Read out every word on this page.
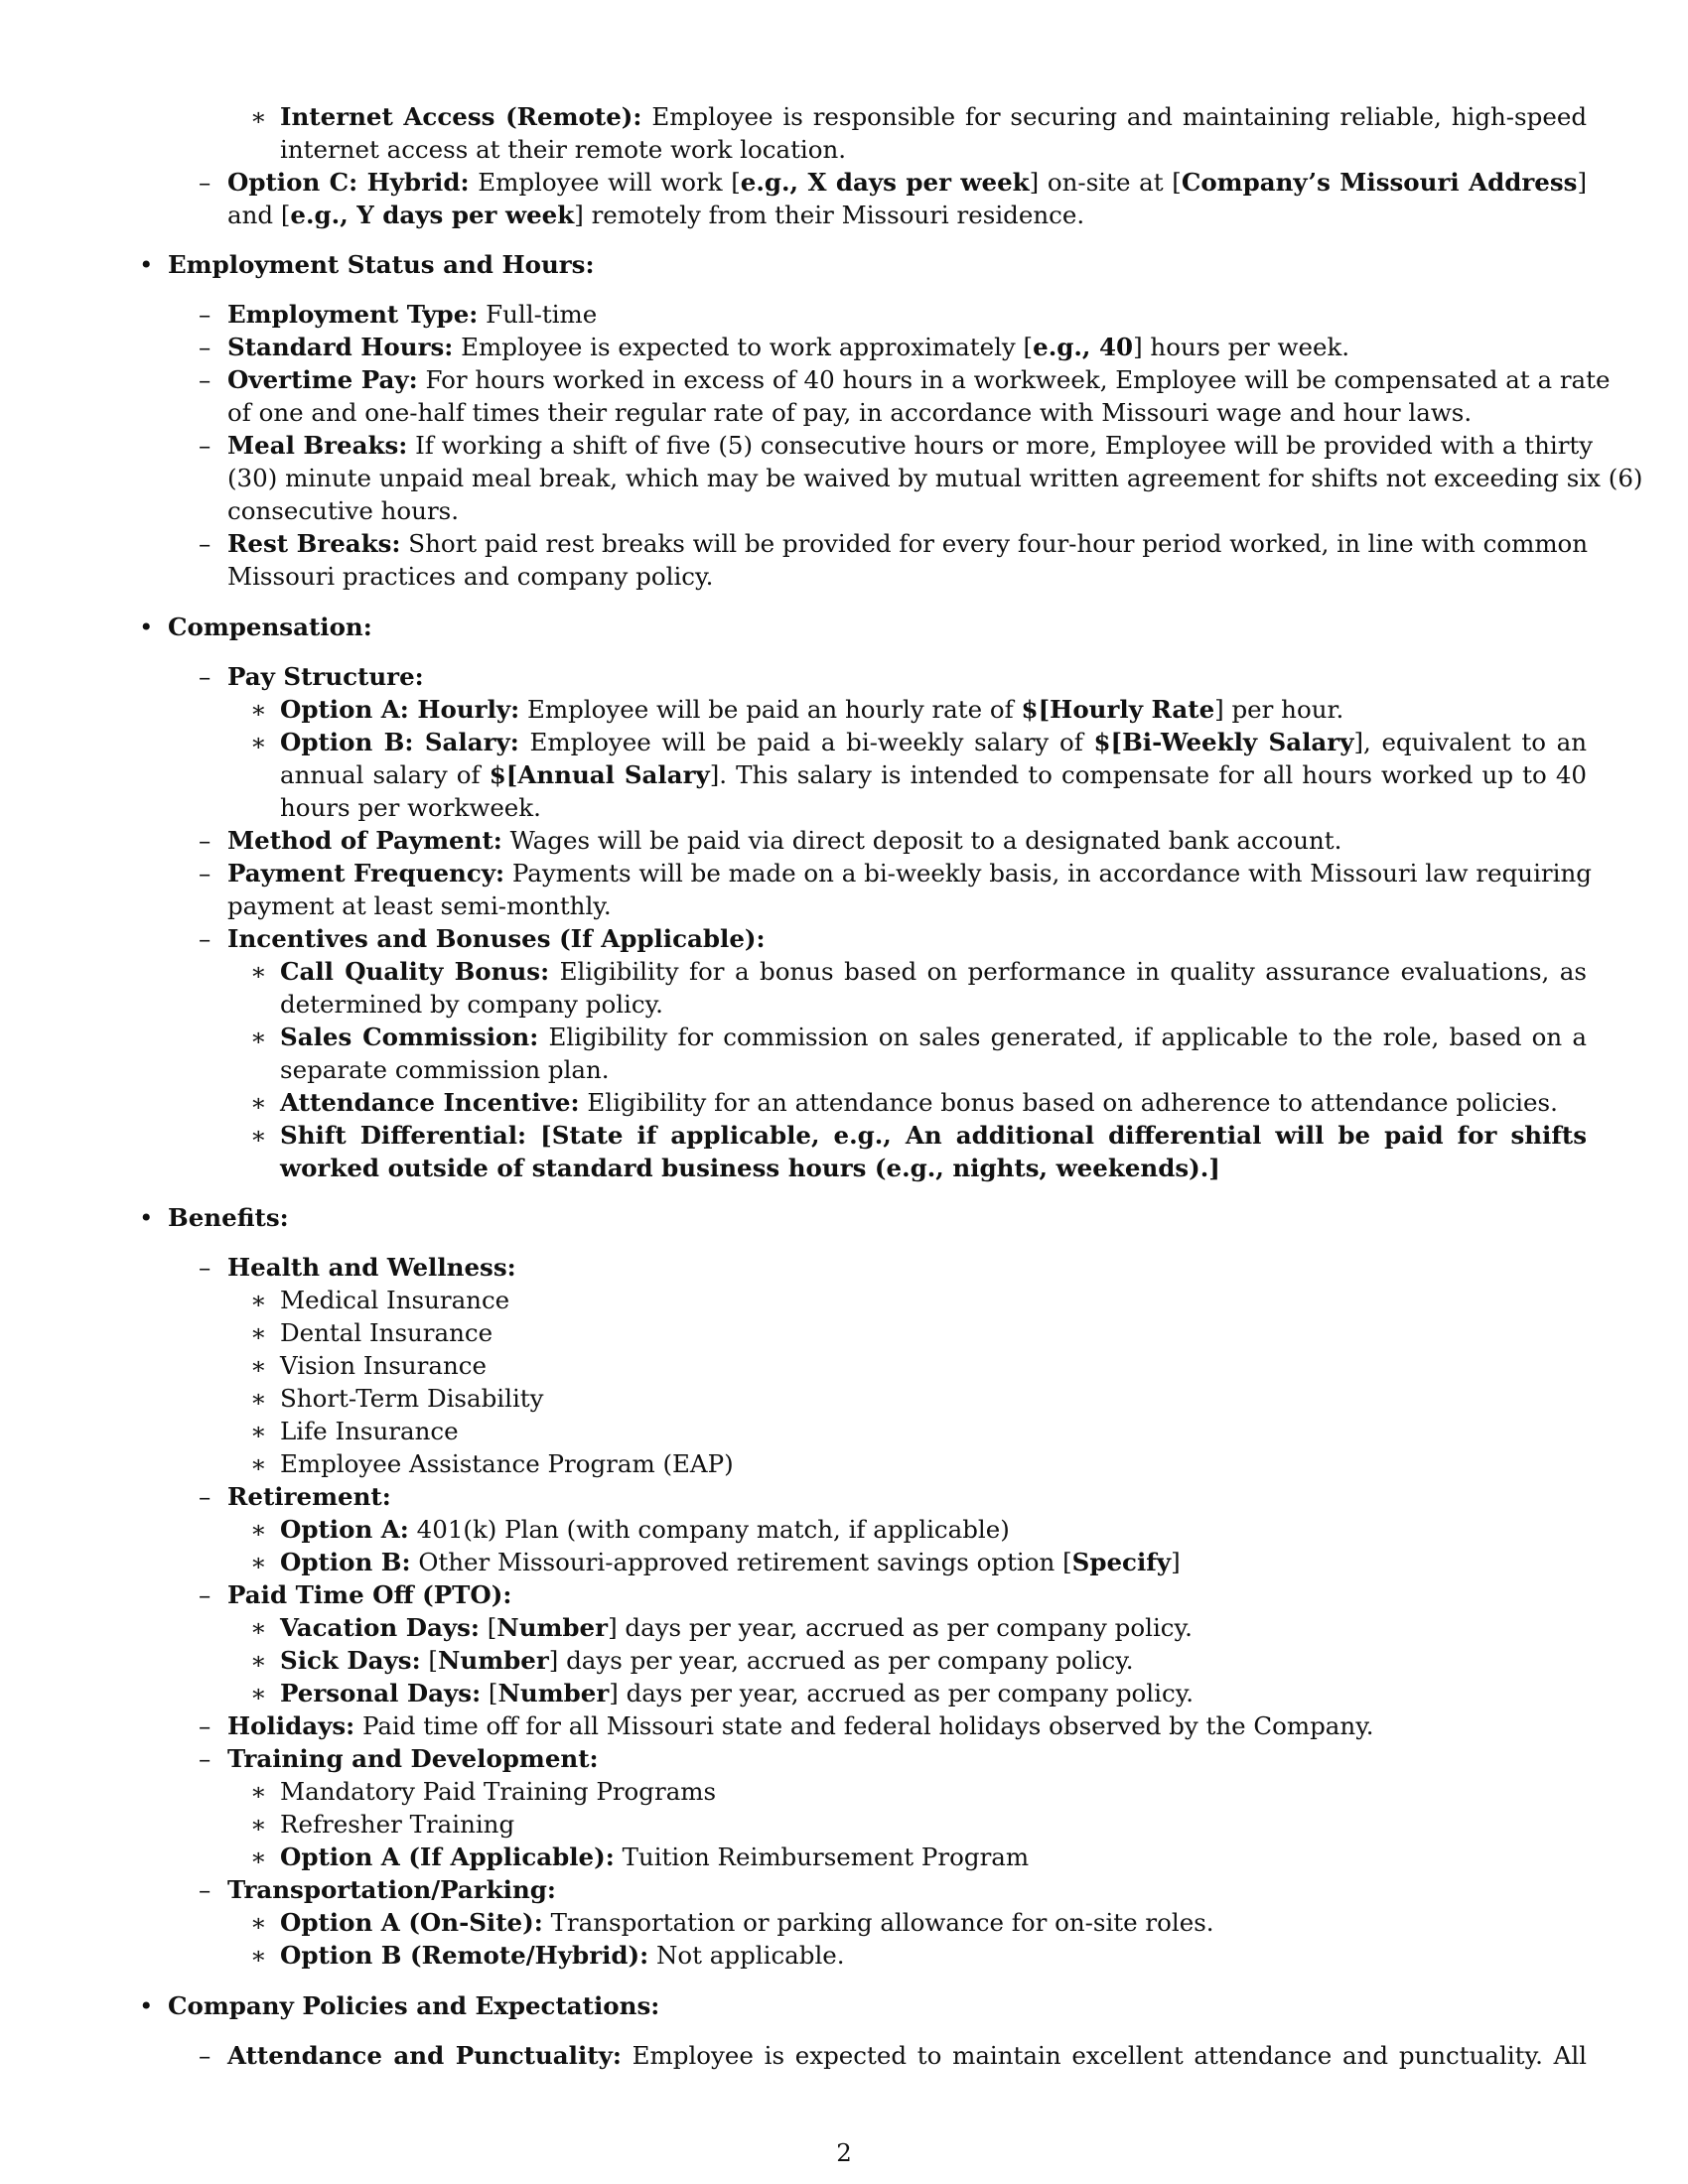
∗ Internet Access (Remote): Employee is responsible for securing and maintaining reliable, high-speed
internet access at their remote work location.
– Option C: Hybrid: Employee will work [e.g., X days per week] on-site at [Company’s Missouri Address]
and [e.g., Y days per week] remotely from their Missouri residence.
• Employment Status and Hours:
– Employment Type: Full-time
– Standard Hours: Employee is expected to work approximately [e.g., 40] hours per week.
– Overtime Pay: For hours worked in excess of 40 hours in a workweek, Employee will be compensated at a rate
of one and one-half times their regular rate of pay, in accordance with Missouri wage and hour laws.
– Meal Breaks: If working a shift of five (5) consecutive hours or more, Employee will be provided with a thirty
(30) minute unpaid meal break, which may be waived by mutual written agreement for shifts not exceeding six (6)
consecutive hours.
– Rest Breaks: Short paid rest breaks will be provided for every four-hour period worked, in line with common
Missouri practices and company policy.
• Compensation:
– Pay Structure:
∗ Option A: Hourly: Employee will be paid an hourly rate of $[Hourly Rate] per hour.
∗ Option B: Salary: Employee will be paid a bi-weekly salary of $[Bi-Weekly Salary], equivalent to an
annual salary of $[Annual Salary]. This salary is intended to compensate for all hours worked up to 40
hours per workweek.
– Method of Payment: Wages will be paid via direct deposit to a designated bank account.
– Payment Frequency: Payments will be made on a bi-weekly basis, in accordance with Missouri law requiring
payment at least semi-monthly.
– Incentives and Bonuses (If Applicable):
∗ Call Quality Bonus: Eligibility for a bonus based on performance in quality assurance evaluations, as
determined by company policy.
∗ Sales Commission: Eligibility for commission on sales generated, if applicable to the role, based on a
separate commission plan.
∗ Attendance Incentive: Eligibility for an attendance bonus based on adherence to attendance policies.
∗ Shift Differential: [State if applicable, e.g., An additional differential will be paid for shifts
worked outside of standard business hours (e.g., nights, weekends).]
• Benefits:
– Health and Wellness:
∗ Medical Insurance
∗ Dental Insurance
∗ Vision Insurance
∗ Short-Term Disability
∗ Life Insurance
∗ Employee Assistance Program (EAP)
– Retirement:
∗ Option A: 401(k) Plan (with company match, if applicable)
∗ Option B: Other Missouri-approved retirement savings option [Specify]
– Paid Time Off (PTO):
∗ Vacation Days: [Number] days per year, accrued as per company policy.
∗ Sick Days: [Number] days per year, accrued as per company policy.
∗ Personal Days: [Number] days per year, accrued as per company policy.
– Holidays: Paid time off for all Missouri state and federal holidays observed by the Company.
– Training and Development:
∗ Mandatory Paid Training Programs
∗ Refresher Training
∗ Option A (If Applicable): Tuition Reimbursement Program
– Transportation/Parking:
∗ Option A (On-Site): Transportation or parking allowance for on-site roles.
∗ Option B (Remote/Hybrid): Not applicable.
• Company Policies and Expectations:
– Attendance and Punctuality: Employee is expected to maintain excellent attendance and punctuality. All
2
